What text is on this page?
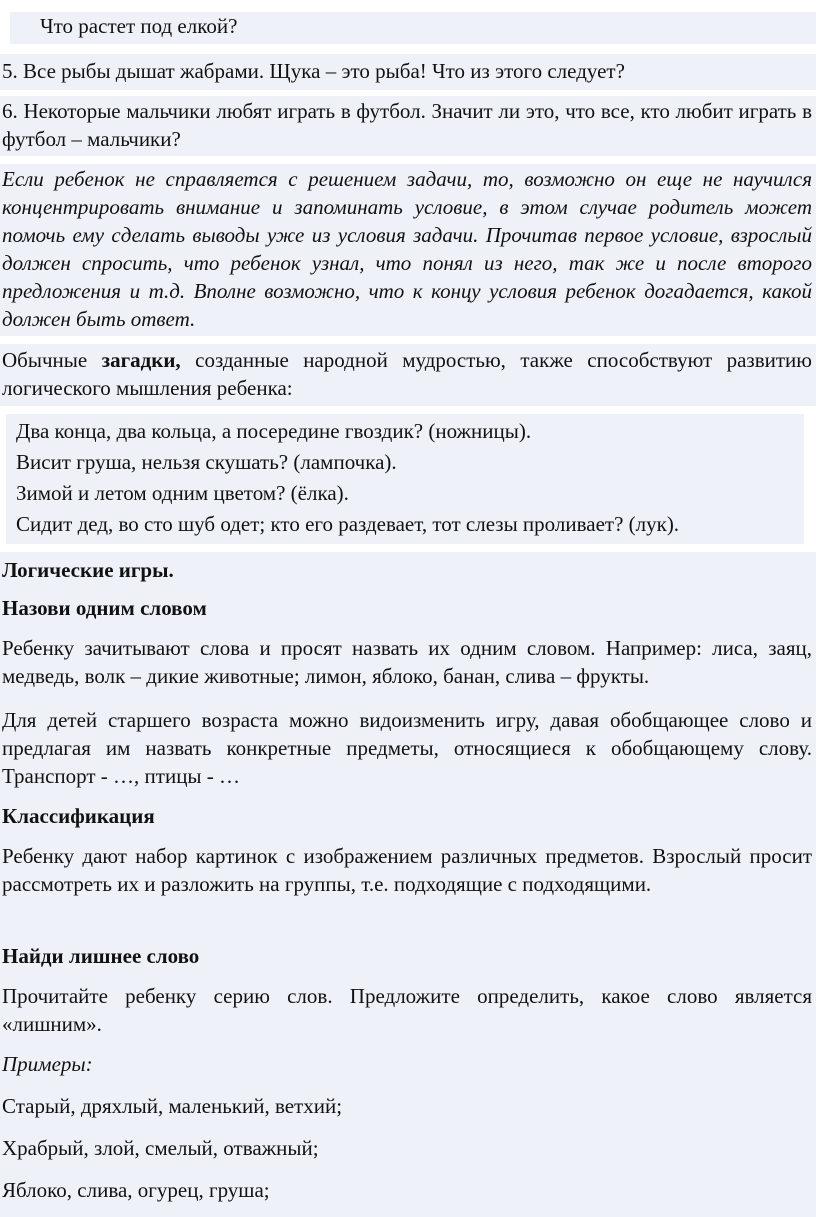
Что растет под елкой?

5. Все рыбы дышат жабрами. Щука – это рыба! Что из этого следует?

6. Некоторые мальчики любят играть в футбол. Значит ли это, что все, кто любит играть в футбол – мальчики?

Если ребенок не справляется с решением задачи, то, возможно он еще не научился концентрировать внимание и запоминать условие, в этом случае родитель может помочь ему сделать выводы уже из условия задачи. Прочитав первое условие, взрослый должен спросить, что ребенок узнал, что понял из него, так же и после второго предложения и т.д. Вполне возможно, что к концу условия ребенок догадается, какой должен быть ответ.

Обычные загадки, созданные народной мудростью, также способствуют развитию логического мышления ребенка:

Два конца, два кольца, а посередине гвоздик? (ножницы).

Висит груша, нельзя скушать? (лампочка).

Зимой и летом одним цветом? (ёлка).

Сидит дед, во сто шуб одет; кто его раздевает, тот слезы проливает? (лук).

Логические игры.

Назови одним словом

Ребенку зачитывают слова и просят назвать их одним словом. Например: лиса, заяц, медведь, волк – дикие животные; лимон, яблоко, банан, слива – фрукты.

Для детей старшего возраста можно видоизменить игру, давая обобщающее слово и предлагая им назвать конкретные предметы, относящиеся к обобщающему слову. Транспорт - …, птицы - …

Классификация

Ребенку дают набор картинок с изображением различных предметов. Взрослый просит рассмотреть их и разложить на группы, т.е. подходящие с подходящими.

Найди лишнее слово

Прочитайте ребенку серию слов. Предложите определить, какое слово является «лишним».

Примеры:

Старый, дряхлый, маленький, ветхий;

Храбрый, злой, смелый, отважный;

Яблоко, слива, огурец, груша;
